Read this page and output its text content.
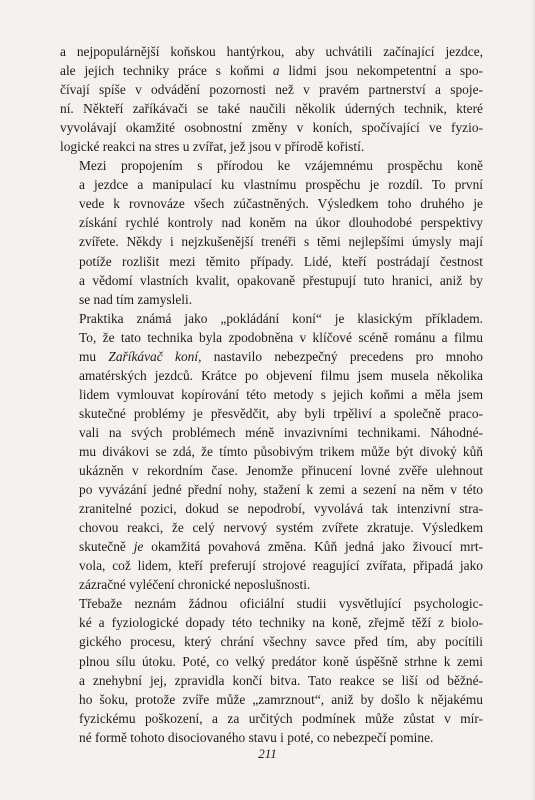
a nejpopulárnější koňskou hantýrkou, aby uchvátili začínající jezdce,
ale jejich techniky práce s koňmi a lidmi jsou nekompetentní a spo-
čívají spíše v odvádění pozornosti než v pravém partnerství a spoje-
ní. Někteří zaříkávači se také naučili několik úderných technik, které
vyvolávají okamžité osobnostní změny v koních, spočívající ve fyzio-
logické reakci na stres u zvířat, jež jsou v přírodě kořistí.
Mezi propojením s přírodou ke vzájemnému prospěchu koně
a jezdce a manipulací ku vlastnímu prospěchu je rozdíl. To první
vede k rovnováze všech zúčastněných. Výsledkem toho druhého je
získání rychlé kontroly nad koněm na úkor dlouhodobé perspektivy
zvířete. Někdy i nejzkušenější trenéři s těmi nejlepšími úmysly mají
potíže rozlišit mezi těmito případy. Lidé, kteří postrádají čestnost
a vědomí vlastních kvalit, opakovaně přestupují tuto hranici, aniž by
se nad tím zamysleli.
Praktika známá jako „pokládání koní“ je klasickým příkladem.
To, že tato technika byla zpodobněna v klíčové scéně románu a filmu
mu Zaříkávač koní, nastavilo nebezpečný precedens pro mnoho
amatérských jezdců. Krátce po objevení filmu jsem musela několika
lidem vymlouvat kopírování této metody s jejich koňmi a měla jsem
skutečné problémy je přesvědčit, aby byli trpěliví a společně praco-
vali na svých problémech méně invazivními technikami. Náhodné-
mu divákovi se zdá, že tímto působivým trikem může být divoký kůň
ukázněn v rekordním čase. Jenomže přinucení lovné zvěře ulehnout
po vyvázání jedné přední nohy, stažení k zemi a sezení na něm v této
zranitelné pozici, dokud se nepodrobí, vyvolává tak intenzivní stra-
chovou reakci, že celý nervový systém zvířete zkratuje. Výsledkem
skutečně je okamžitá povahová změna. Kůň jedná jako živoucí mrt-
vola, což lidem, kteří preferují strojové reagující zvířata, připadá jako
zázračné vyléčení chronické neposlušnosti.
Třebaže neznám žádnou oficiální studii vysvětlující psychologic-
ké a fyziologické dopady této techniky na koně, zřejmě těží z biolo-
gického procesu, který chrání všechny savce před tím, aby pocítili
plnou sílu útoku. Poté, co velký predátor koně úspěšně strhne k zemi
a znehybní jej, zpravidla končí bitva. Tato reakce se liší od běžné-
ho šoku, protože zvíře může „zamrznout“, aniž by došlo k nějakému
fyzickému poškození, a za určitých podmínek může zůstat v mír-
né formě tohoto disociovaného stavu i poté, co nebezpečí pomine.
211
